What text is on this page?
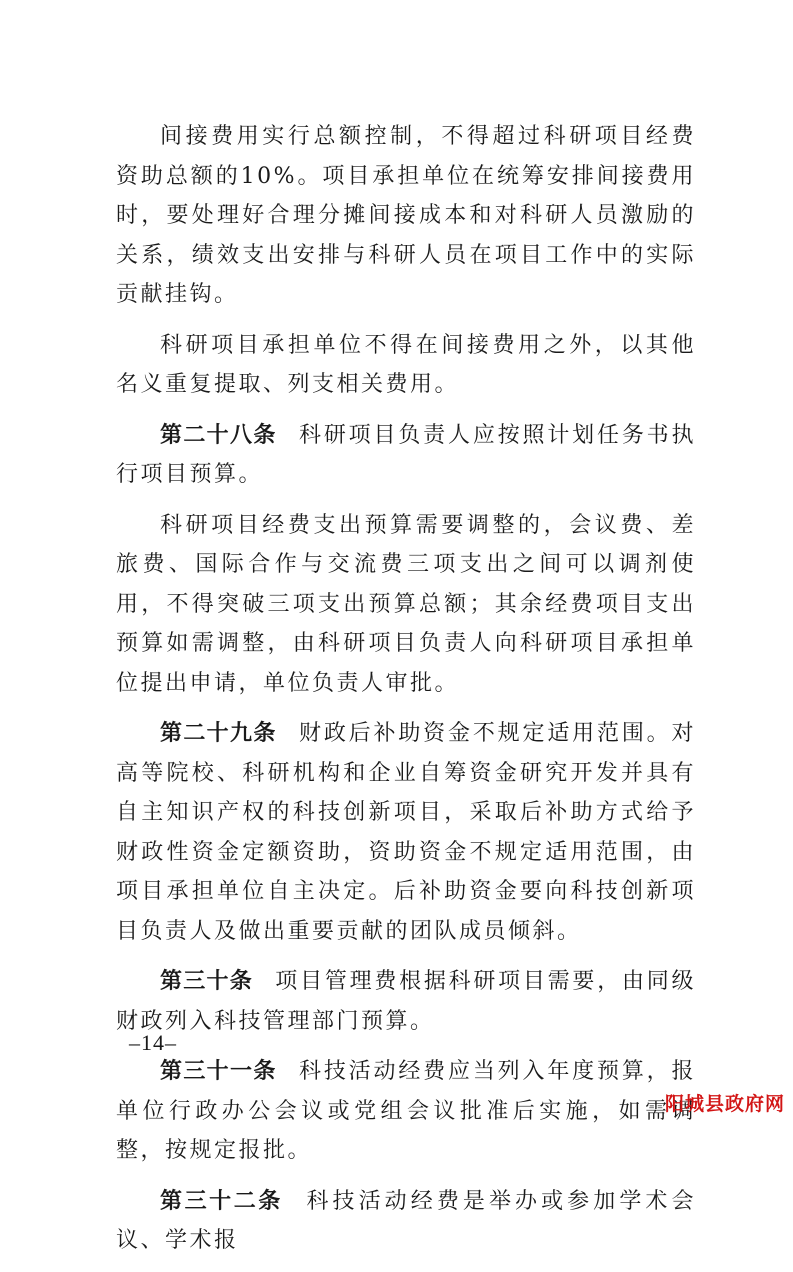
间接费用实行总额控制，不得超过科研项目经费资助总额的10%。项目承担单位在统筹安排间接费用时，要处理好合理分摊间接成本和对科研人员激励的关系，绩效支出安排与科研人员在项目工作中的实际贡献挂钩。

科研项目承担单位不得在间接费用之外，以其他名义重复提取、列支相关费用。

第二十八条 科研项目负责人应按照计划任务书执行项目预算。

科研项目经费支出预算需要调整的，会议费、差旅费、国际合作与交流费三项支出之间可以调剂使用，不得突破三项支出预算总额；其余经费项目支出预算如需调整，由科研项目负责人向科研项目承担单位提出申请，单位负责人审批。

第二十九条 财政后补助资金不规定适用范围。对高等院校、科研机构和企业自筹资金研究开发并具有自主知识产权的科技创新项目，采取后补助方式给予财政性资金定额资助，资助资金不规定适用范围，由项目承担单位自主决定。后补助资金要向科技创新项目负责人及做出重要贡献的团队成员倾斜。

第三十条 项目管理费根据科研项目需要，由同级财政列入科技管理部门预算。

第三十一条 科技活动经费应当列入年度预算，报单位行政办公会议或党组会议批准后实施，如需调整，按规定报批。

第三十二条 科技活动经费是举办或参加学术会议、学术报

–14–
阳城县政府网
